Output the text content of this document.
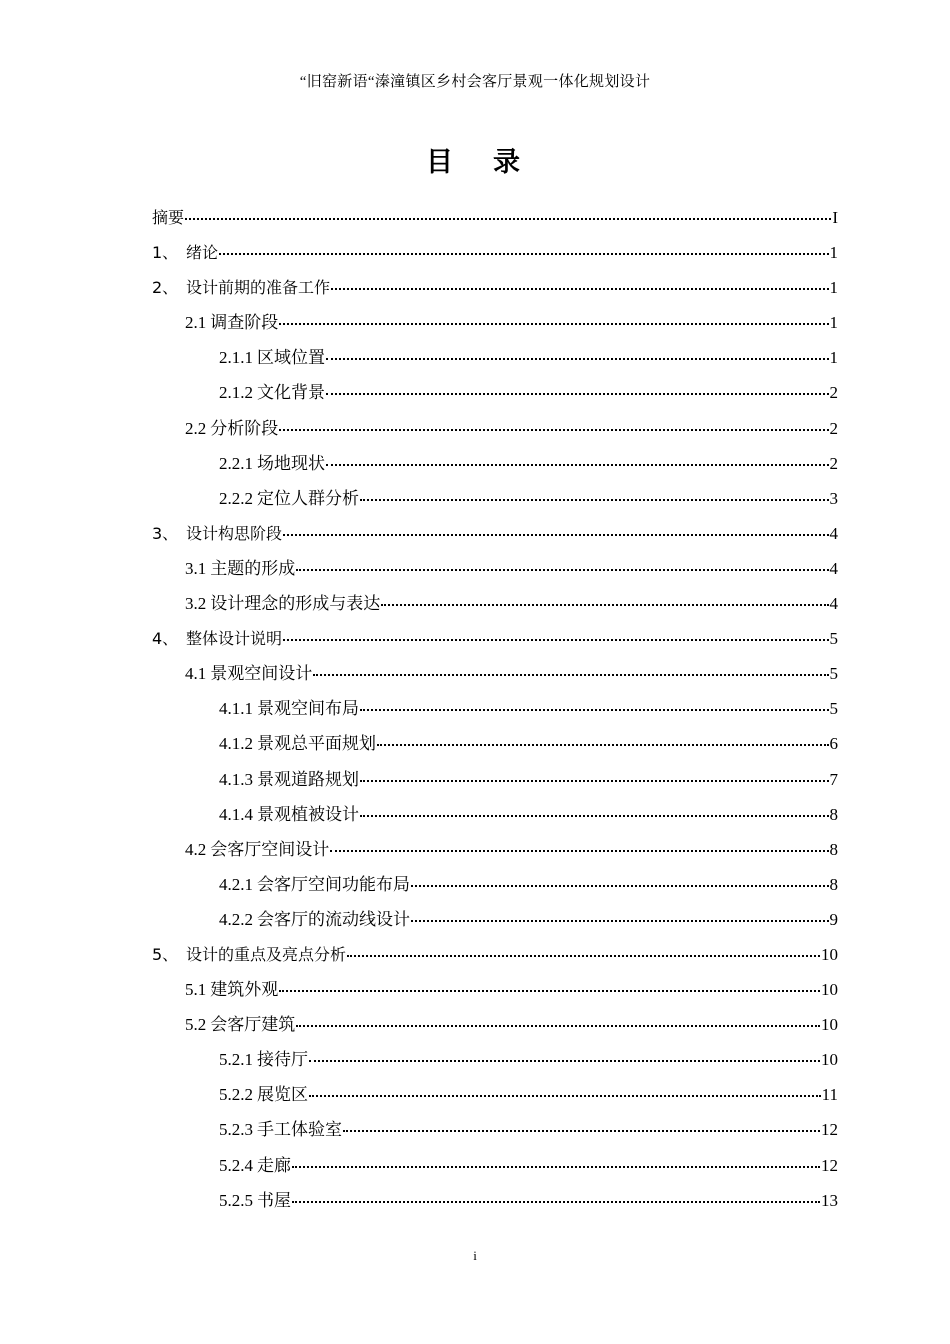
“旧窑新语“溱潼镇区乡村会客厅景观一体化规划设计
目 录
摘要	I
1、 绪论	1
2、 设计前期的准备工作	1
2.1 调查阶段	1
2.1.1 区域位置	1
2.1.2 文化背景	2
2.2 分析阶段	2
2.2.1 场地现状	2
2.2.2 定位人群分析	3
3、 设计构思阶段	4
3.1 主题的形成	4
3.2 设计理念的形成与表达	4
4、 整体设计说明	5
4.1 景观空间设计	5
4.1.1 景观空间布局	5
4.1.2 景观总平面规划	6
4.1.3 景观道路规划	7
4.1.4 景观植被设计	8
4.2 会客厅空间设计	8
4.2.1 会客厅空间功能布局	8
4.2.2 会客厅的流动线设计	9
5、 设计的重点及亮点分析	10
5.1 建筑外观	10
5.2 会客厅建筑	10
5.2.1 接待厅	10
5.2.2 展览区	11
5.2.3 手工体验室	12
5.2.4 走廊	12
5.2.5 书屋	13
i
